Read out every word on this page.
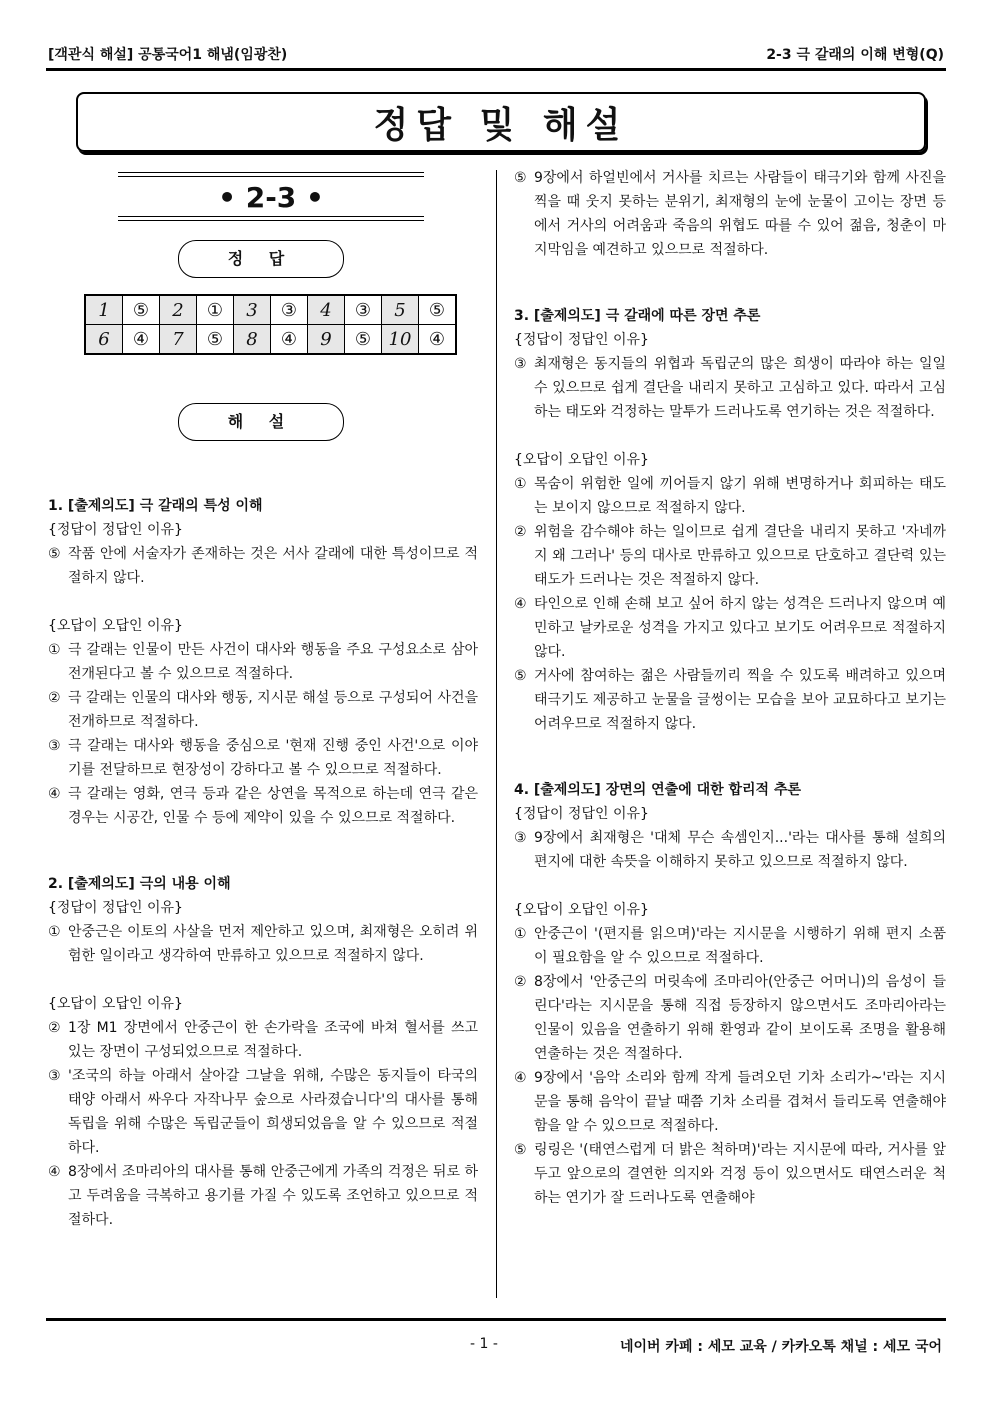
[객관식 해설] 공통국어1 해냄(임광찬)	2-3 극 갈래의 이해 변형(Q)
정답 및 해설
• 2-3 •
정 답
1	⑤	2	①	3	③	4	③	5	⑤
6	④	7	⑤	8	④	9	⑤	10	④
해 설
1. [출제의도] 극 갈래의 특성 이해
{정답이 정답인 이유}
⑤ 작품 안에 서술자가 존재하는 것은 서사 갈래에 대한 특성이므로 적절하지 않다.
{오답이 오답인 이유}
① 극 갈래는 인물이 만든 사건이 대사와 행동을 주요 구성요소로 삼아 전개된다고 볼 수 있으므로 적절하다.
② 극 갈래는 인물의 대사와 행동, 지시문 해설 등으로 구성되어 사건을 전개하므로 적절하다.
③ 극 갈래는 대사와 행동을 중심으로 '현재 진행 중인 사건'으로 이야기를 전달하므로 현장성이 강하다고 볼 수 있으므로 적절하다.
④ 극 갈래는 영화, 연극 등과 같은 상연을 목적으로 하는데 연극 같은 경우는 시공간, 인물 수 등에 제약이 있을 수 있으므로 적절하다.
2. [출제의도] 극의 내용 이해
{정답이 정답인 이유}
① 안중근은 이토의 사살을 먼저 제안하고 있으며, 최재형은 오히려 위험한 일이라고 생각하여 만류하고 있으므로 적절하지 않다.
{오답이 오답인 이유}
② 1장 M1 장면에서 안중근이 한 손가락을 조국에 바쳐 혈서를 쓰고 있는 장면이 구성되었으므로 적절하다.
③ '조국의 하늘 아래서 살아갈 그날을 위해, 수많은 동지들이 타국의 태양 아래서 싸우다 자작나무 숲으로 사라졌습니다'의 대사를 통해 독립을 위해 수많은 독립군들이 희생되었음을 알 수 있으므로 적절하다.
④ 8장에서 조마리아의 대사를 통해 안중근에게 가족의 걱정은 뒤로 하고 두려움을 극복하고 용기를 가질 수 있도록 조언하고 있으므로 적절하다.
⑤ 9장에서 하얼빈에서 거사를 치르는 사람들이 태극기와 함께 사진을 찍을 때 웃지 못하는 분위기, 최재형의 눈에 눈물이 고이는 장면 등에서 거사의 어려움과 죽음의 위협도 따를 수 있어 젊음, 청춘이 마지막임을 예견하고 있으므로 적절하다.
3. [출제의도] 극 갈래에 따른 장면 추론
{정답이 정답인 이유}
③ 최재형은 동지들의 위협과 독립군의 많은 희생이 따라야 하는 일일 수 있으므로 쉽게 결단을 내리지 못하고 고심하고 있다. 따라서 고심하는 태도와 걱정하는 말투가 드러나도록 연기하는 것은 적절하다.
{오답이 오답인 이유}
① 목숨이 위험한 일에 끼어들지 않기 위해 변명하거나 회피하는 태도는 보이지 않으므로 적절하지 않다.
② 위험을 감수해야 하는 일이므로 쉽게 결단을 내리지 못하고 '자네까지 왜 그러나' 등의 대사로 만류하고 있으므로 단호하고 결단력 있는 태도가 드러나는 것은 적절하지 않다.
④ 타인으로 인해 손해 보고 싶어 하지 않는 성격은 드러나지 않으며 예민하고 날카로운 성격을 가지고 있다고 보기도 어려우므로 적절하지 않다.
⑤ 거사에 참여하는 젊은 사람들끼리 찍을 수 있도록 배려하고 있으며 태극기도 제공하고 눈물을 글썽이는 모습을 보아 교묘하다고 보기는 어려우므로 적절하지 않다.
4. [출제의도] 장면의 연출에 대한 합리적 추론
{정답이 정답인 이유}
③ 9장에서 최재형은 '대체 무슨 속셈인지...'라는 대사를 통해 설희의 편지에 대한 속뜻을 이해하지 못하고 있으므로 적절하지 않다.
{오답이 오답인 이유}
① 안중근이 '(편지를 읽으며)'라는 지시문을 시행하기 위해 편지 소품이 필요함을 알 수 있으므로 적절하다.
② 8장에서 '안중근의 머릿속에 조마리아(안중근 어머니)의 음성이 들린다'라는 지시문을 통해 직접 등장하지 않으면서도 조마리아라는 인물이 있음을 연출하기 위해 환영과 같이 보이도록 조명을 활용해 연출하는 것은 적절하다.
④ 9장에서 '음악 소리와 함께 작게 들려오던 기차 소리가~'라는 지시문을 통해 음악이 끝날 때쯤 기차 소리를 겹쳐서 들리도록 연출해야 함을 알 수 있으므로 적절하다.
⑤ 링링은 '(태연스럽게 더 밝은 척하며)'라는 지시문에 따라, 거사를 앞두고 앞으로의 결연한 의지와 걱정 등이 있으면서도 태연스러운 척하는 연기가 잘 드러나도록 연출해야
- 1 -	네이버 카페 : 세모 교육 / 카카오톡 채널 : 세모 국어
